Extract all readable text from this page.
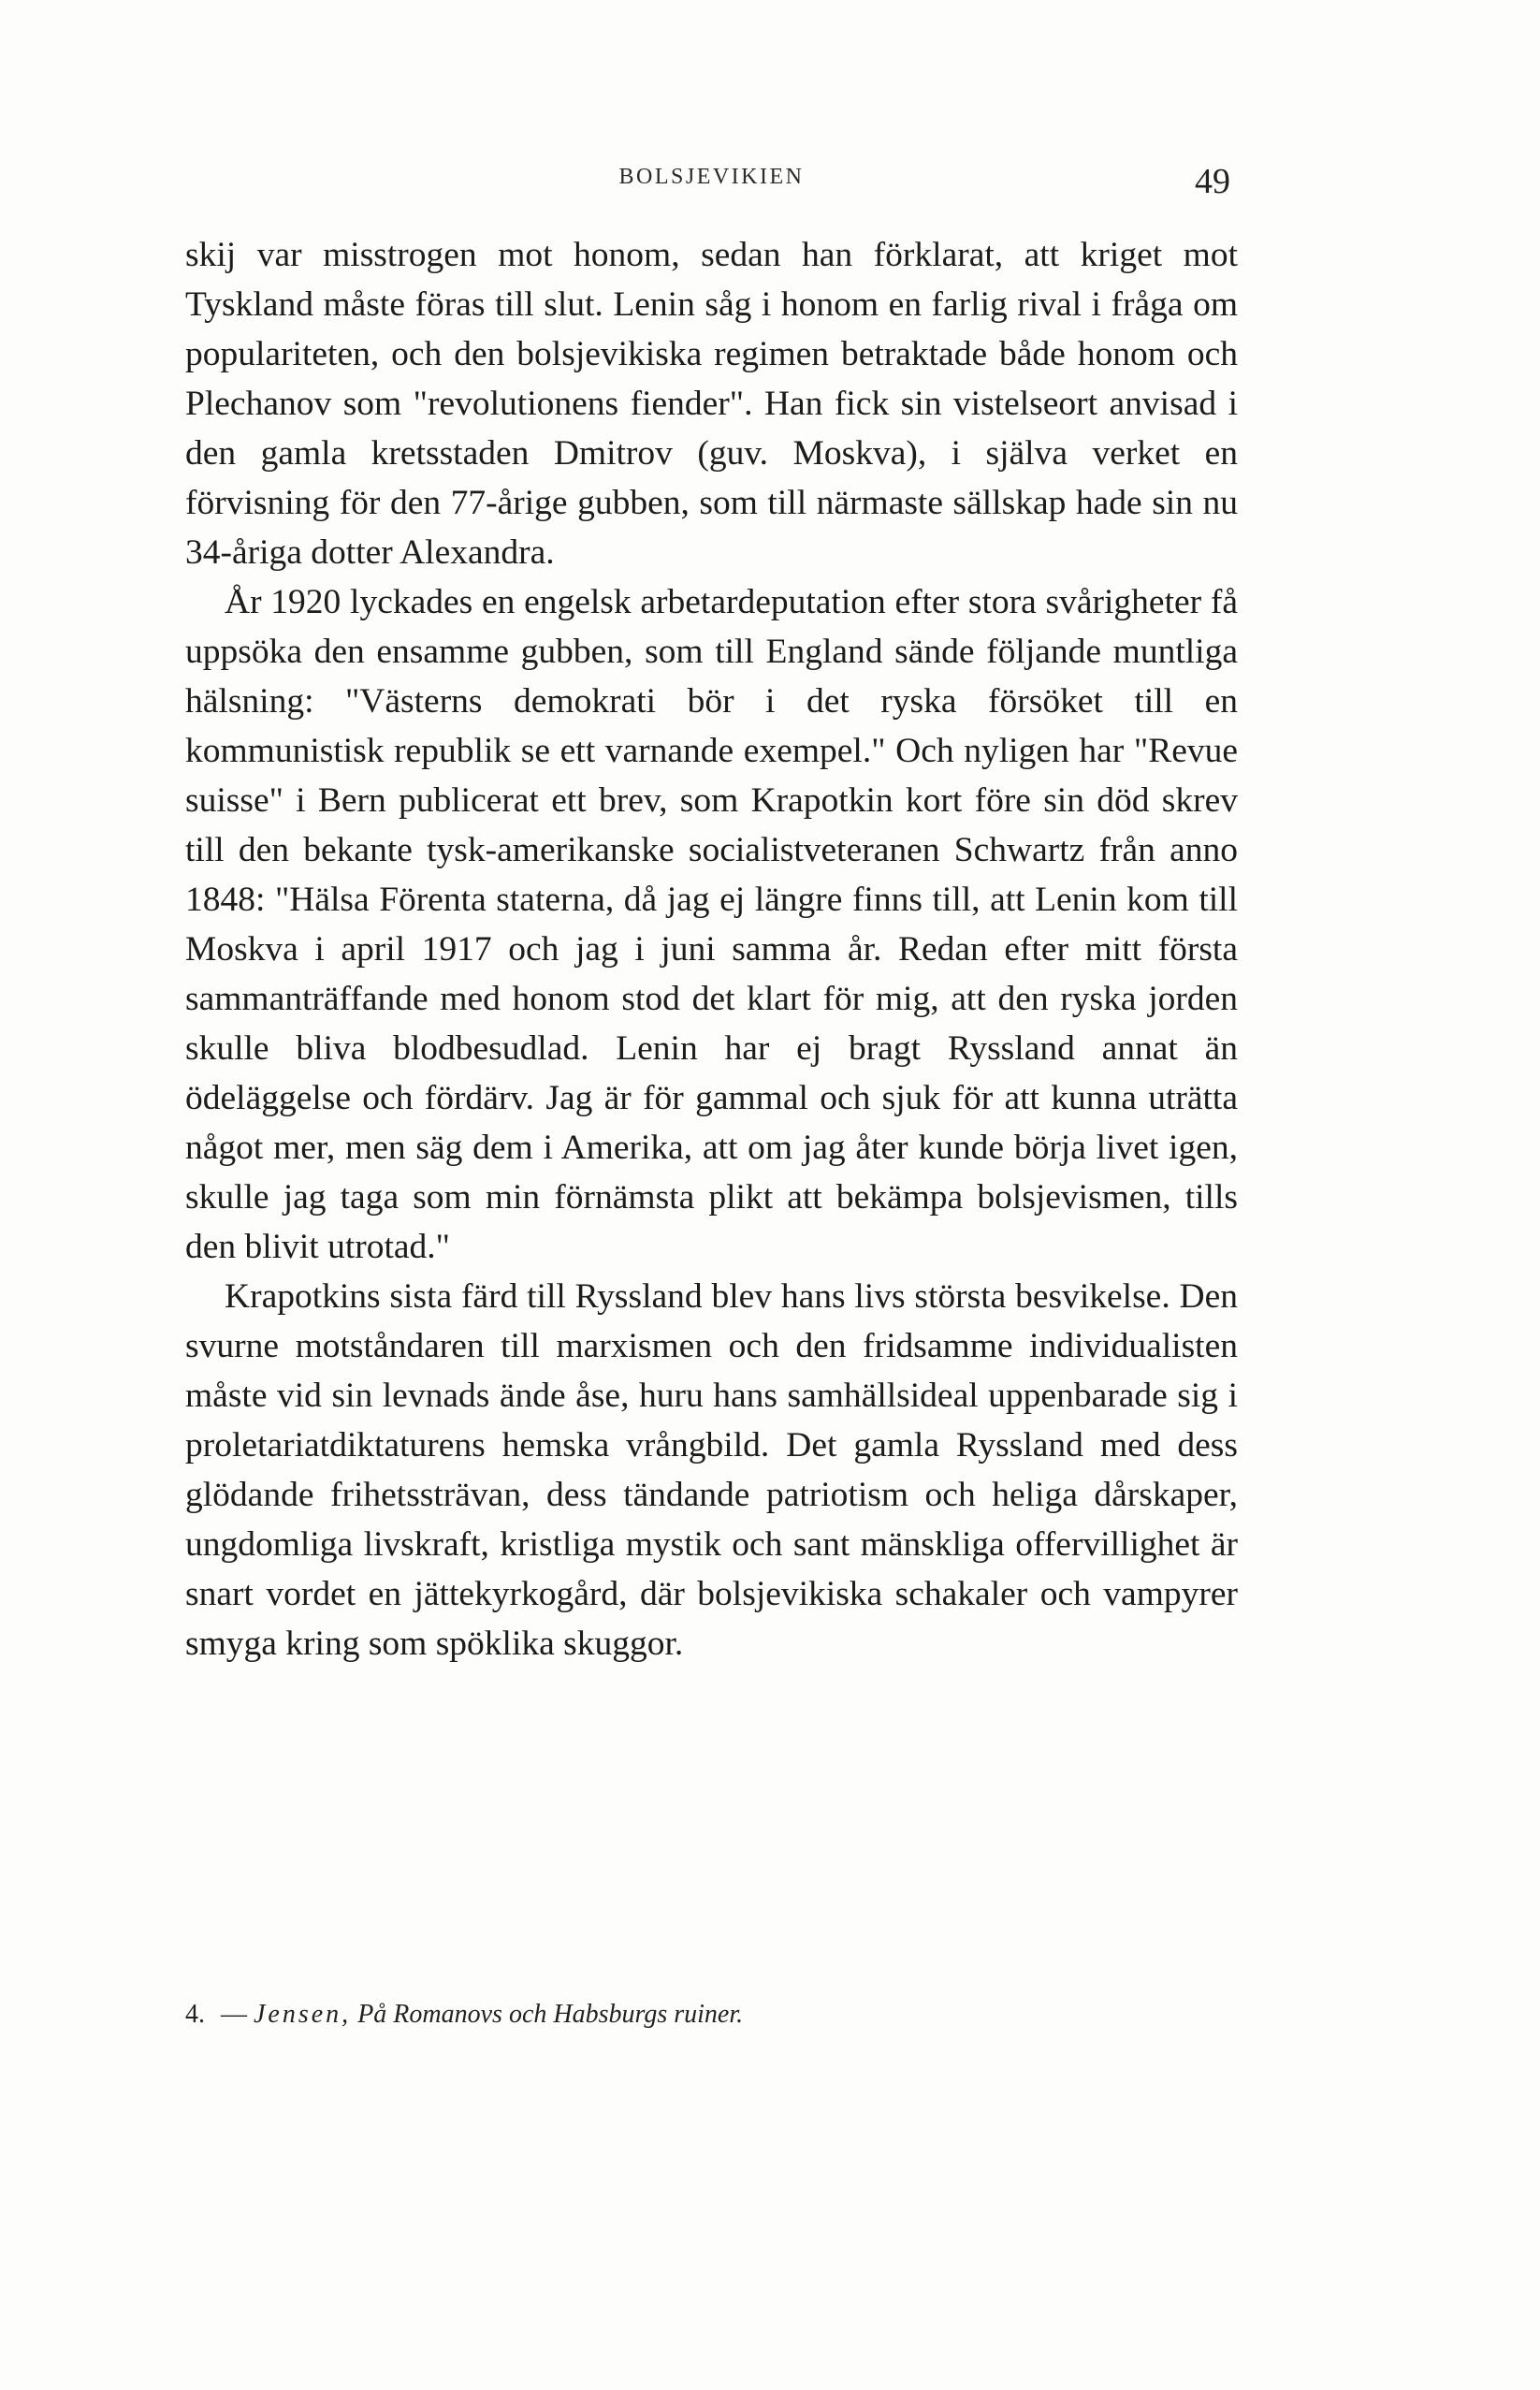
BOLSJEVIKIEN	49

skij var misstrogen mot honom, sedan han förklarat, att kriget mot Tyskland måste föras till slut. Lenin såg i honom en farlig rival i fråga om populariteten, och den bolsjevikiska regimen betraktade både honom och Plechanov som "revolutionens fiender". Han fick sin vistelseort anvisad i den gamla kretsstaden Dmitrov (guv. Moskva), i själva verket en förvisning för den 77-årige gubben, som till närmaste sällskap hade sin nu 34-åriga dotter Alexandra.

År 1920 lyckades en engelsk arbetardeputation efter stora svårigheter få uppsöka den ensamme gubben, som till England sände följande muntliga hälsning: "Västerns demokrati bör i det ryska försöket till en kommunistisk republik se ett varnande exempel." Och nyligen har "Revue suisse" i Bern publicerat ett brev, som Krapotkin kort före sin död skrev till den bekante tysk-amerikanske socialistveteranen Schwartz från anno 1848: "Hälsa Förenta staterna, då jag ej längre finns till, att Lenin kom till Moskva i april 1917 och jag i juni samma år. Redan efter mitt första sammanträffande med honom stod det klart för mig, att den ryska jorden skulle bliva blodbesudlad. Lenin har ej bragt Ryssland annat än ödeläggelse och fördärv. Jag är för gammal och sjuk för att kunna uträtta något mer, men säg dem i Amerika, att om jag åter kunde börja livet igen, skulle jag taga som min förnämsta plikt att bekämpa bolsjevismen, tills den blivit utrotad."

Krapotkins sista färd till Ryssland blev hans livs största besvikelse. Den svurne motståndaren till marxismen och den fridsamme individualisten måste vid sin levnads ände åse, huru hans samhällsideal uppenbarade sig i proletariatdiktaturens hemska vrångbild. Det gamla Ryssland med dess glödande frihetssträvan, dess tändande patriotism och heliga dårskaper, ungdomliga livskraft, kristliga mystik och sant mänskliga offervillighet är snart vordet en jättekyrkogård, där bolsjevikiska schakaler och vampyrer smyga kring som spöklika skuggor.

4. — Jensen, På Romanovs och Habsburgs ruiner.
